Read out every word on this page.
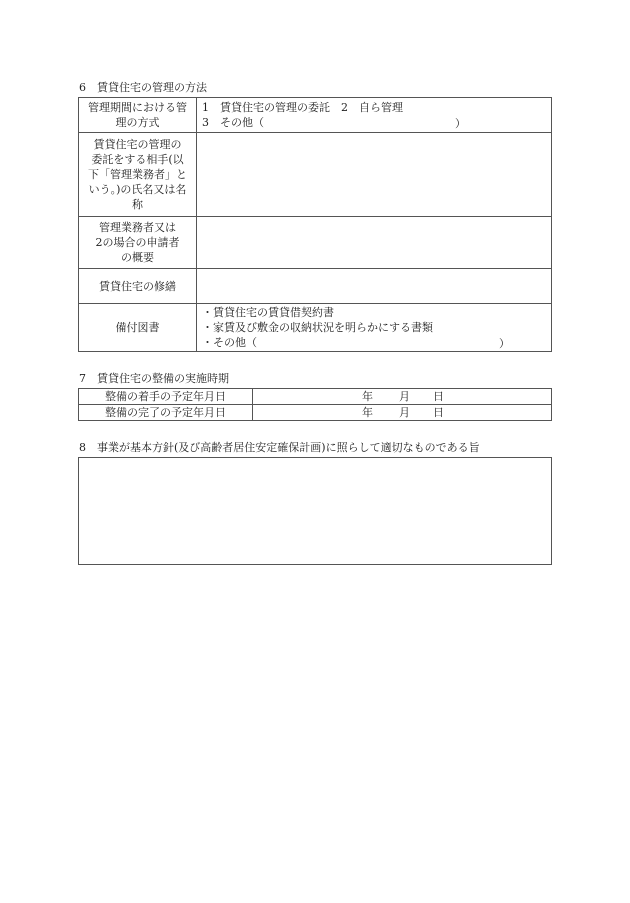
6 賃貸住宅の管理の方法
管理期間における管
理の方式	1　賃貸住宅の管理の委託　2　自ら管理
3　その他（ ）

賃貸住宅の管理の
委託をする相手(以
下「管理業務者」と
いう。)の氏名又は名
称	

管理業務者又は
2の場合の申請者
の概要	

賃貸住宅の修繕	

備付図書	・賃貸住宅の賃貸借契約書
・家賃及び敷金の収納状況を明らかにする書類
・その他（ ）
7 賃貸住宅の整備の実施時期
整備の着手の予定年月日	年 月 日

整備の完了の予定年月日	年 月 日
8 事業が基本方針(及び高齢者居住安定確保計画)に照らして適切なものである旨
